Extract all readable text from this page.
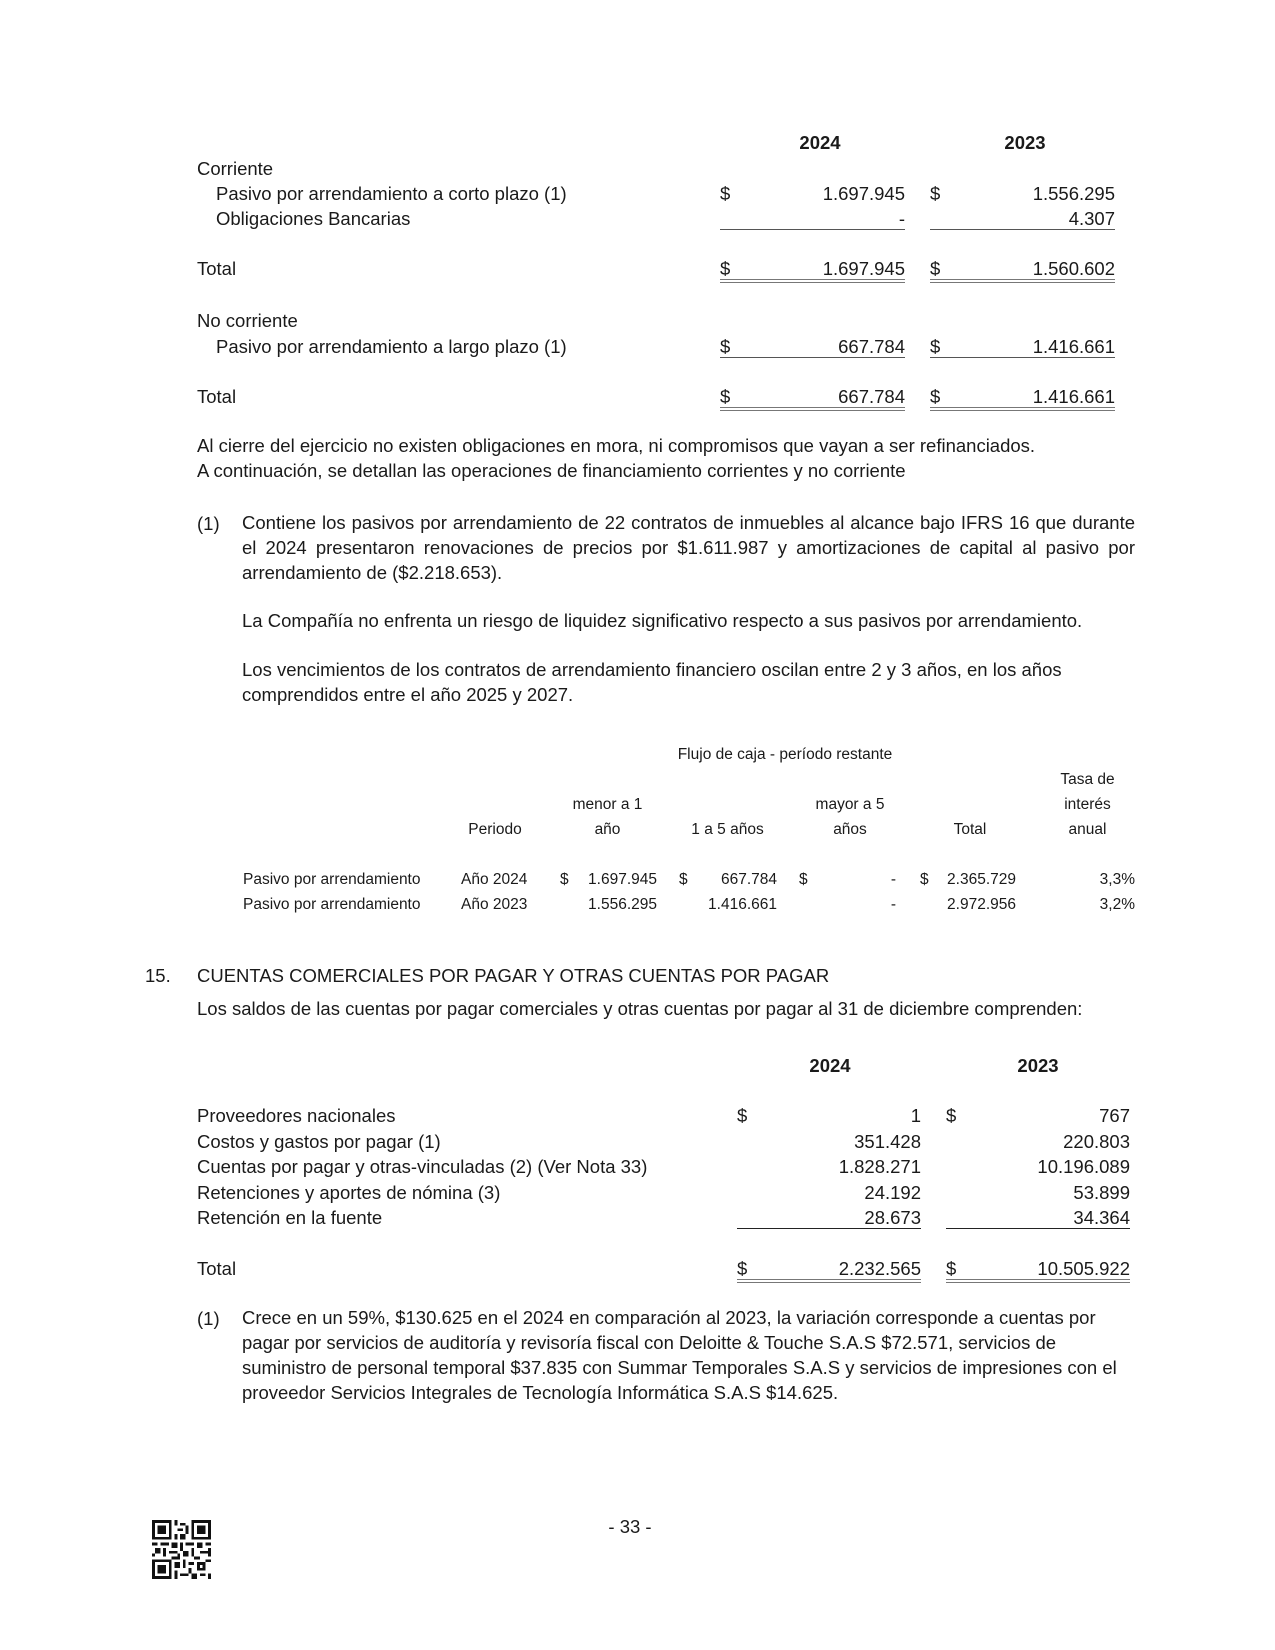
2024	2023
Corriente
Pasivo por arrendamiento a corto plazo (1)	$	1.697.945 $	1.556.295
Obligaciones Bancarias	-	4.307
Total	$	1.697.945 $	1.560.602
No corriente
Pasivo por arrendamiento a largo plazo (1)	$	667.784 $	1.416.661
Total	$	667.784 $	1.416.661
Al cierre del ejercicio no existen obligaciones en mora, ni compromisos que vayan a ser refinanciados.
A continuación, se detallan las operaciones de financiamiento corrientes y no corriente
(1) Contiene los pasivos por arrendamiento de 22 contratos de inmuebles al alcance bajo IFRS 16 que durante el 2024 presentaron renovaciones de precios por $1.611.987 y amortizaciones de capital al pasivo por arrendamiento de ($2.218.653).
La Compañía no enfrenta un riesgo de liquidez significativo respecto a sus pasivos por arrendamiento.
Los vencimientos de los contratos de arrendamiento financiero oscilan entre 2 y 3 años, en los años comprendidos entre el año 2025 y 2027.
Flujo de caja - período restante
Tasa de
menor a 1	mayor a 5	interés
Periodo	año	1 a 5 años	años	Total	anual
Pasivo por arrendamiento	Año 2024 $	1.697.945 $	667.784 $	- $	2.365.729	3,3%
Pasivo por arrendamiento	Año 2023	1.556.295	1.416.661	-	2.972.956	3,2%
15. CUENTAS COMERCIALES POR PAGAR Y OTRAS CUENTAS POR PAGAR
Los saldos de las cuentas por pagar comerciales y otras cuentas por pagar al 31 de diciembre comprenden:
2024	2023
Proveedores nacionales	$	1 $	767
Costos y gastos por pagar (1)	351.428	220.803
Cuentas por pagar y otras-vinculadas (2) (Ver Nota 33)	1.828.271	10.196.089
Retenciones y aportes de nómina (3)	24.192	53.899
Retención en la fuente	28.673	34.364
Total	$	2.232.565 $	10.505.922
(1) Crece en un 59%, $130.625 en el 2024 en comparación al 2023, la variación corresponde a cuentas por pagar por servicios de auditoría y revisoría fiscal con Deloitte & Touche S.A.S $72.571, servicios de suministro de personal temporal $37.835 con Summar Temporales S.A.S y servicios de impresiones con el proveedor Servicios Integrales de Tecnología Informática S.A.S $14.625.
- 33 -
